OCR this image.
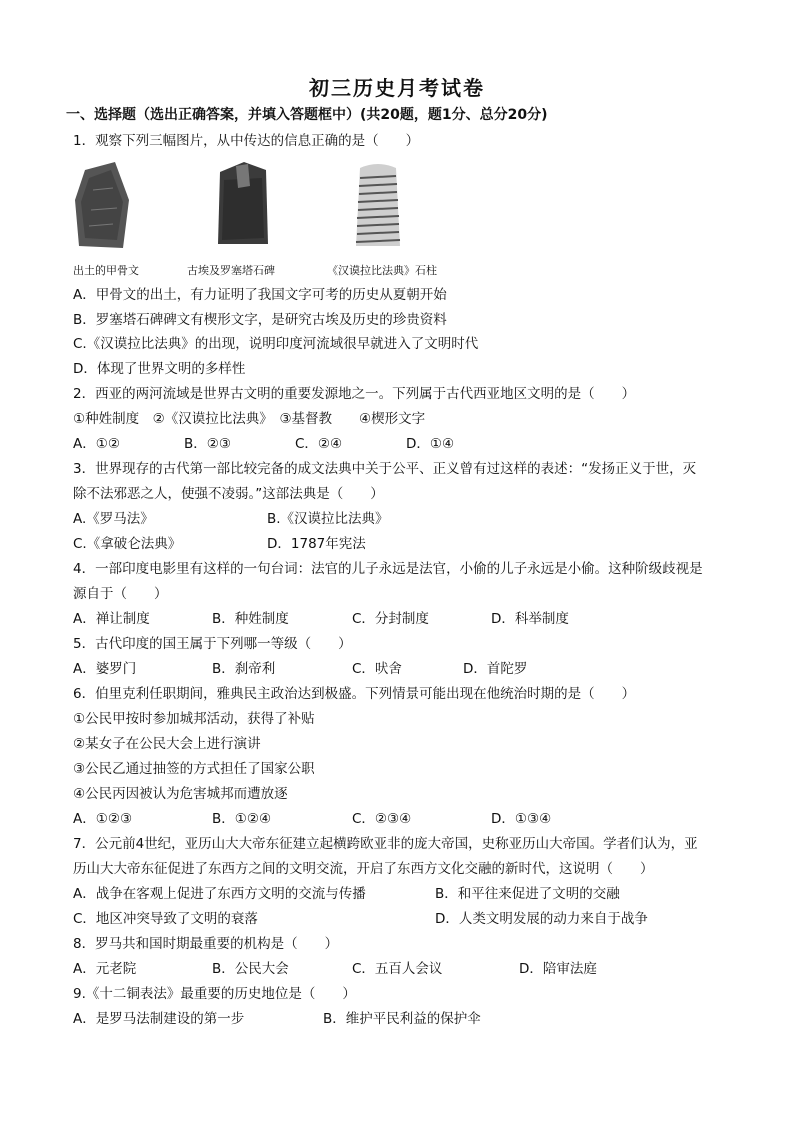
初三历史月考试卷
一、选择题（选出正确答案，并填入答题框中）(共20题，题1分、总分20分)
1．观察下列三幅图片，从中传达的信息正确的是（　　）
出土的甲骨文	古埃及罗塞塔石碑	《汉谟拉比法典》石柱
A．甲骨文的出土，有力证明了我国文字可考的历史从夏朝开始
B．罗塞塔石碑碑文有楔形文字，是研究古埃及历史的珍贵资料
C.《汉谟拉比法典》的出现，说明印度河流域很早就进入了文明时代
D．体现了世界文明的多样性
2．西亚的两河流域是世界古文明的重要发源地之一。下列属于古代西亚地区文明的是（　　）
①种姓制度　②《汉谟拉比法典》　③基督教　　④楔形文字
A．①②	B．②③	C．②④	D．①④
3．世界现存的古代第一部比较完备的成文法典中关于公平、正义曾有过这样的表述：“发扬正义于世，灭
除不法邪恶之人，使强不凌弱。”这部法典是（　　）
A.《罗马法》	B.《汉谟拉比法典》
C.《拿破仑法典》	D．1787年宪法
4．一部印度电影里有这样的一句台词：法官的儿子永远是法官，小偷的儿子永远是小偷。这种阶级歧视是
源自于（　　）
A．禅让制度	B．种姓制度	C．分封制度	D．科举制度
5．古代印度的国王属于下列哪一等级（　　）
A．婆罗门	B．刹帝利	C．吠舍	D．首陀罗
6．伯里克利任职期间，雅典民主政治达到极盛。下列情景可能出现在他统治时期的是（　　）
①公民甲按时参加城邦活动，获得了补贴
②某女子在公民大会上进行演讲
③公民乙通过抽签的方式担任了国家公职
④公民丙因被认为危害城邦而遭放逐
A．①②③	B．①②④	C．②③④	D．①③④
7．公元前4世纪，亚历山大大帝东征建立起横跨欧亚非的庞大帝国，史称亚历山大帝国。学者们认为，亚
历山大大帝东征促进了东西方之间的文明交流，开启了东西方文化交融的新时代，这说明（　　）
A．战争在客观上促进了东西方文明的交流与传播	B．和平往来促进了文明的交融
C．地区冲突导致了文明的衰落	D．人类文明发展的动力来自于战争
8．罗马共和国时期最重要的机构是（　　）
A．元老院	B．公民大会	C．五百人会议	D．陪审法庭
9.《十二铜表法》最重要的历史地位是（　　）
A．是罗马法制建设的第一步	B．维护平民利益的保护伞
